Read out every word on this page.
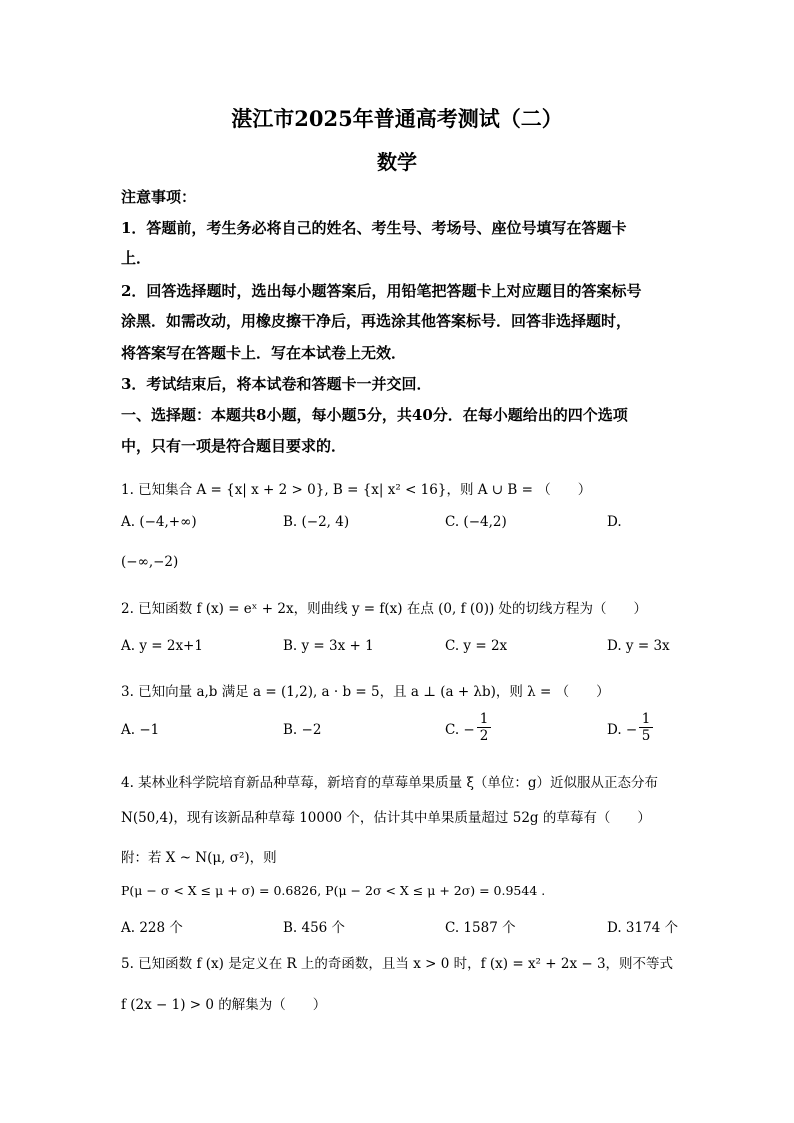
湛江市2025年普通高考测试（二）
数学
注意事项：
1．答题前，考生务必将自己的姓名、考生号、考场号、座位号填写在答题卡
上．
2．回答选择题时，选出每小题答案后，用铅笔把答题卡上对应题目的答案标号
涂黑．如需改动，用橡皮擦干净后，再选涂其他答案标号．回答非选择题时，
将答案写在答题卡上．写在本试卷上无效．
3．考试结束后，将本试卷和答题卡一并交回．
一、选择题：本题共8小题，每小题5分，共40分．在每小题给出的四个选项
中，只有一项是符合题目要求的．
1. 已知集合 A = {x| x + 2 > 0}, B = {x| x² < 16}，则 A ∪ B = （　　）
A. (−4,+∞)	B. (−2, 4)	C. (−4,2)	D.
(−∞,−2)
2. 已知函数 f (x) = eˣ + 2x，则曲线 y = f(x) 在点 (0, f (0)) 处的切线方程为（　　）
A. y = 2x+1	B. y = 3x + 1	C. y = 2x	D. y = 3x
3. 已知向量 a,b 满足 a = (1,2), a · b = 5，且 a ⊥ (a + λb)，则 λ = （　　）
A. −1	B. −2	C. − $\frac{1}{2}$	D. − $\frac{1}{5}$
4. 某林业科学院培育新品种草莓，新培育的草莓单果质量 ξ（单位：g）近似服从正态分布
N(50,4)，现有该新品种草莓 10000 个，估计其中单果质量超过 52g 的草莓有（　　）
附：若 X ~ N(μ, σ²)，则
P(μ − σ < X ≤ μ + σ) = 0.6826, P(μ − 2σ < X ≤ μ + 2σ) = 0.9544 .
A. 228 个	B. 456 个	C. 1587 个	D. 3174 个
5. 已知函数 f (x) 是定义在 R 上的奇函数，且当 x > 0 时，f (x) = x² + 2x − 3，则不等式
f (2x − 1) > 0 的解集为（　　）
